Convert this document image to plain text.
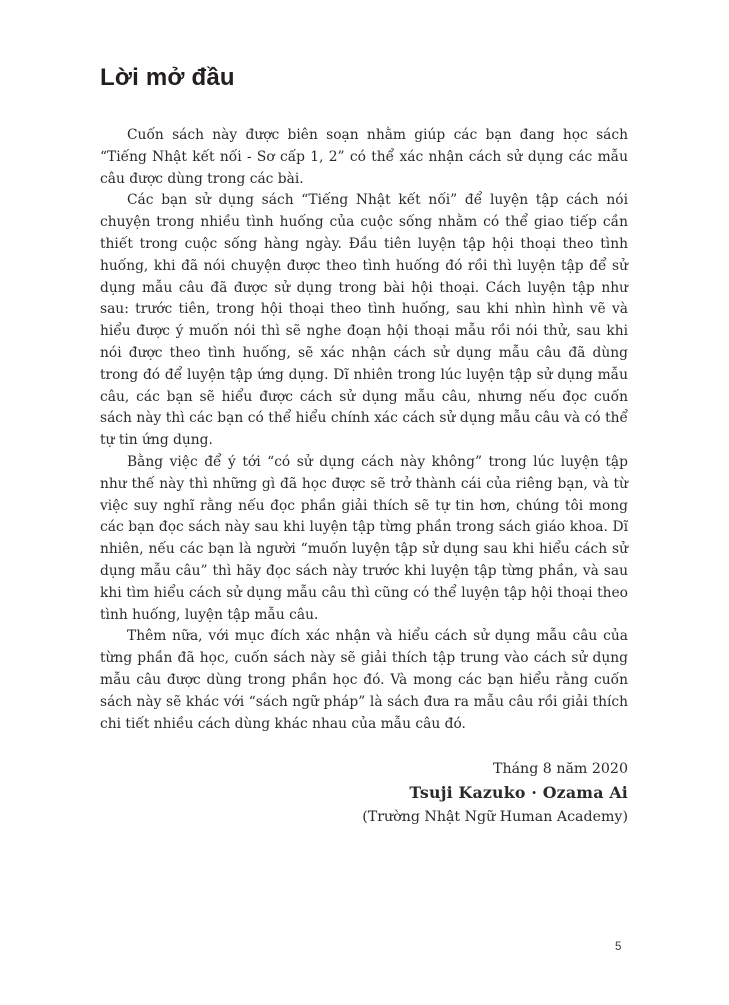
Lời mở đầu

Cuốn sách này được biên soạn nhằm giúp các bạn đang học sách “Tiếng Nhật kết nối - Sơ cấp 1, 2” có thể xác nhận cách sử dụng các mẫu câu được dùng trong các bài.

Các bạn sử dụng sách “Tiếng Nhật kết nối” để luyện tập cách nói chuyện trong nhiều tình huống của cuộc sống nhằm có thể giao tiếp cần thiết trong cuộc sống hàng ngày. Đầu tiên luyện tập hội thoại theo tình huống, khi đã nói chuyện được theo tình huống đó rồi thì luyện tập để sử dụng mẫu câu đã được sử dụng trong bài hội thoại. Cách luyện tập như sau: trước tiên, trong hội thoại theo tình huống, sau khi nhìn hình vẽ và hiểu được ý muốn nói thì sẽ nghe đoạn hội thoại mẫu rồi nói thử, sau khi nói được theo tình huống, sẽ xác nhận cách sử dụng mẫu câu đã dùng trong đó để luyện tập ứng dụng. Dĩ nhiên trong lúc luyện tập sử dụng mẫu câu, các bạn sẽ hiểu được cách sử dụng mẫu câu, nhưng nếu đọc cuốn sách này thì các bạn có thể hiểu chính xác cách sử dụng mẫu câu và có thể tự tin ứng dụng.

Bằng việc để ý tới “có sử dụng cách này không” trong lúc luyện tập như thế này thì những gì đã học được sẽ trở thành cái của riêng bạn, và từ việc suy nghĩ rằng nếu đọc phần giải thích sẽ tự tin hơn, chúng tôi mong các bạn đọc sách này sau khi luyện tập từng phần trong sách giáo khoa. Dĩ nhiên, nếu các bạn là người “muốn luyện tập sử dụng sau khi hiểu cách sử dụng mẫu câu” thì hãy đọc sách này trước khi luyện tập từng phần, và sau khi tìm hiểu cách sử dụng mẫu câu thì cũng có thể luyện tập hội thoại theo tình huống, luyện tập mẫu câu.

Thêm nữa, với mục đích xác nhận và hiểu cách sử dụng mẫu câu của từng phần đã học, cuốn sách này sẽ giải thích tập trung vào cách sử dụng mẫu câu được dùng trong phần học đó. Và mong các bạn hiểu rằng cuốn sách này sẽ khác với “sách ngữ pháp” là sách đưa ra mẫu câu rồi giải thích chi tiết nhiều cách dùng khác nhau của mẫu câu đó.

Tháng 8 năm 2020
Tsuji Kazuko · Ozama Ai
(Trường Nhật Ngữ Human Academy)
5
